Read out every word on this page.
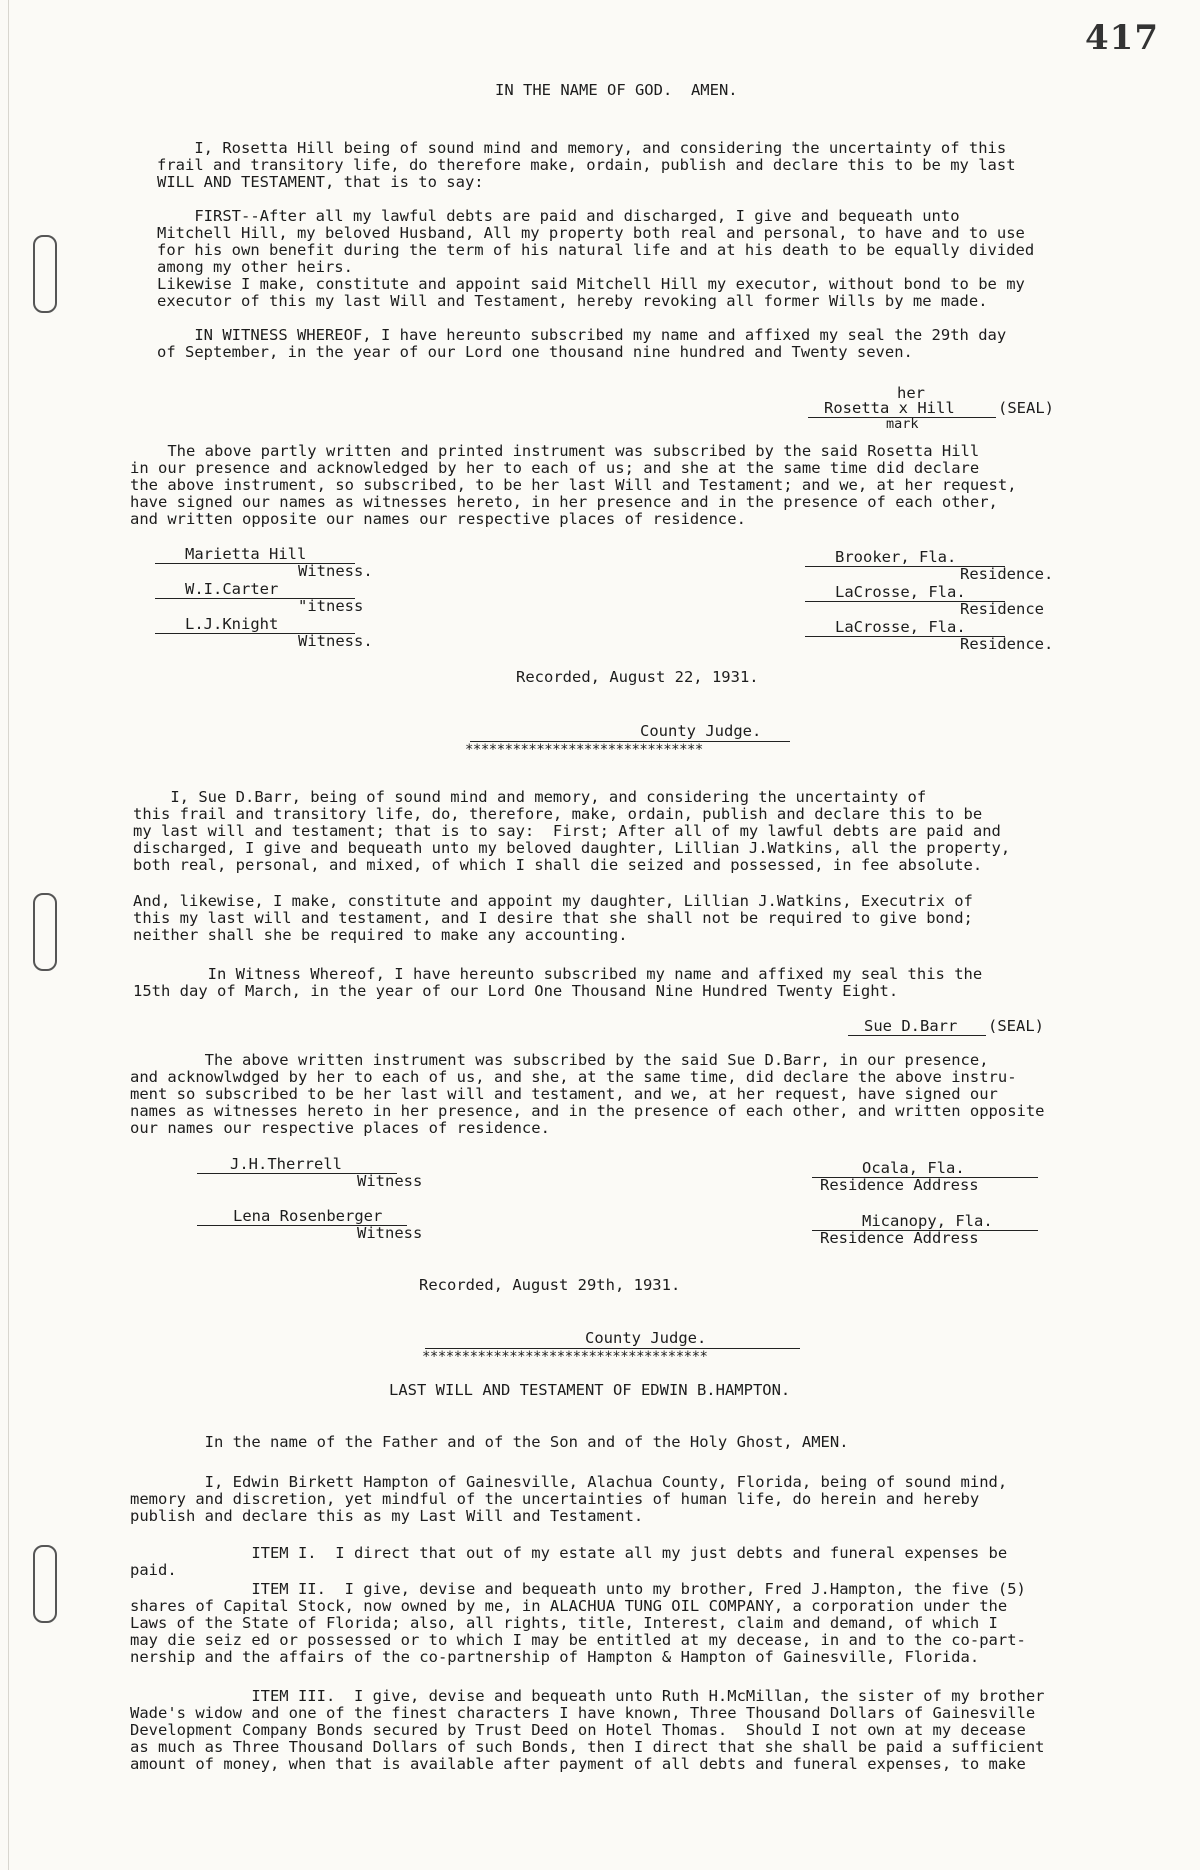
417
IN THE NAME OF GOD.  AMEN.
I, Rosetta Hill being of sound mind and memory, and considering the uncertainty of this
frail and transitory life, do therefore make, ordain, publish and declare this to be my last
WILL AND TESTAMENT, that is to say:
FIRST--After all my lawful debts are paid and discharged, I give and bequeath unto
Mitchell Hill, my beloved Husband, All my property both real and personal, to have and to use
for his own benefit during the term of his natural life and at his death to be equally divided
among my other heirs.
Likewise I make, constitute and appoint said Mitchell Hill my executor, without bond to be my
executor of this my last Will and Testament, hereby revoking all former Wills by me made.
IN WITNESS WHEREOF, I have hereunto subscribed my name and affixed my seal the 29th day
of September, in the year of our Lord one thousand nine hundred and Twenty seven.
her
Rosetta x Hill	(SEAL)
mark
The above partly written and printed instrument was subscribed by the said Rosetta Hill
in our presence and acknowledged by her to each of us; and she at the same time did declare
the above instrument, so subscribed, to be her last Will and Testament; and we, at her request,
have signed our names as witnesses hereto, in her presence and in the presence of each other,
and written opposite our names our respective places of residence.
Marietta Hill
Witness.
Brooker, Fla.
Residence.
W.I.Carter
"itness
LaCrosse, Fla.
Residence
L.J.Knight
Witness.
LaCrosse, Fla.
Residence.
Recorded, August 22, 1931.
County Judge.
******************************
I, Sue D.Barr, being of sound mind and memory, and considering the uncertainty of
this frail and transitory life, do, therefore, make, ordain, publish and declare this to be
my last will and testament; that is to say:  First; After all of my lawful debts are paid and
discharged, I give and bequeath unto my beloved daughter, Lillian J.Watkins, all the property,
both real, personal, and mixed, of which I shall die seized and possessed, in fee absolute.
And, likewise, I make, constitute and appoint my daughter, Lillian J.Watkins, Executrix of
this my last will and testament, and I desire that she shall not be required to give bond;
neither shall she be required to make any accounting.
In Witness Whereof, I have hereunto subscribed my name and affixed my seal this the
15th day of March, in the year of our Lord One Thousand Nine Hundred Twenty Eight.
Sue D.Barr (SEAL)
The above written instrument was subscribed by the said Sue D.Barr, in our presence,
and acknowlwdged by her to each of us, and she, at the same time, did declare the above instru-
ment so subscribed to be her last will and testament, and we, at her request, have signed our
names as witnesses hereto in her presence, and in the presence of each other, and written opposite
our names our respective places of residence.
J.H.Therrell
Witness
Ocala, Fla.
Residence Address
Lena Rosenberger
Witness
Micanopy, Fla.
Residence Address
Recorded, August 29th, 1931.
County Judge.
************************************
LAST WILL AND TESTAMENT OF EDWIN B.HAMPTON.
In the name of the Father and of the Son and of the Holy Ghost, AMEN.
I, Edwin Birkett Hampton of Gainesville, Alachua County, Florida, being of sound mind,
memory and discretion, yet mindful of the uncertainties of human life, do herein and hereby
publish and declare this as my Last Will and Testament.
ITEM I.  I direct that out of my estate all my just debts and funeral expenses be
paid.
ITEM II.  I give, devise and bequeath unto my brother, Fred J.Hampton, the five (5)
shares of Capital Stock, now owned by me, in ALACHUA TUNG OIL COMPANY, a corporation under the
Laws of the State of Florida; also, all rights, title, Interest, claim and demand, of which I
may die seiz ed or possessed or to which I may be entitled at my decease, in and to the co-part-
nership and the affairs of the co-partnership of Hampton & Hampton of Gainesville, Florida.
ITEM III.  I give, devise and bequeath unto Ruth H.McMillan, the sister of my brother
Wade's widow and one of the finest characters I have known, Three Thousand Dollars of Gainesville
Development Company Bonds secured by Trust Deed on Hotel Thomas.  Should I not own at my decease
as much as Three Thousand Dollars of such Bonds, then I direct that she shall be paid a sufficient
amount of money, when that is available after payment of all debts and funeral expenses, to make
